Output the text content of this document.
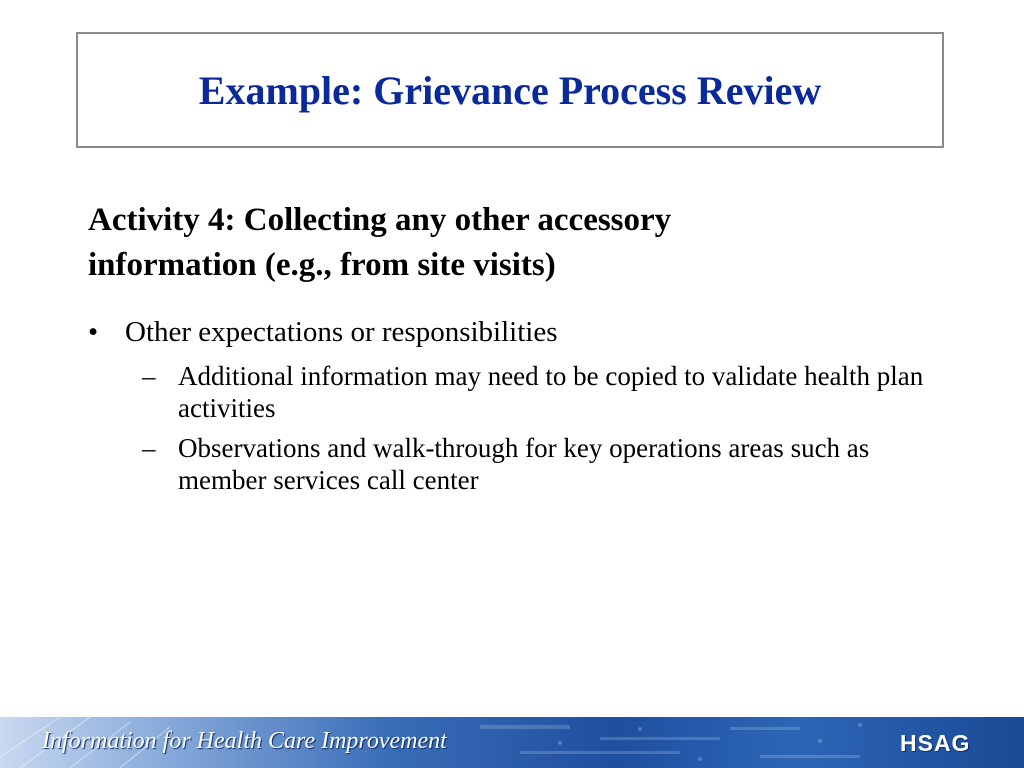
Example: Grievance Process Review
Activity 4: Collecting any other accessory
information (e.g., from site visits)
• Other expectations or responsibilities
– Additional information may need to be copied to validate health plan activities
– Observations and walk-through for key operations areas such as member services call center
Information for Health Care Improvement	HSAG
